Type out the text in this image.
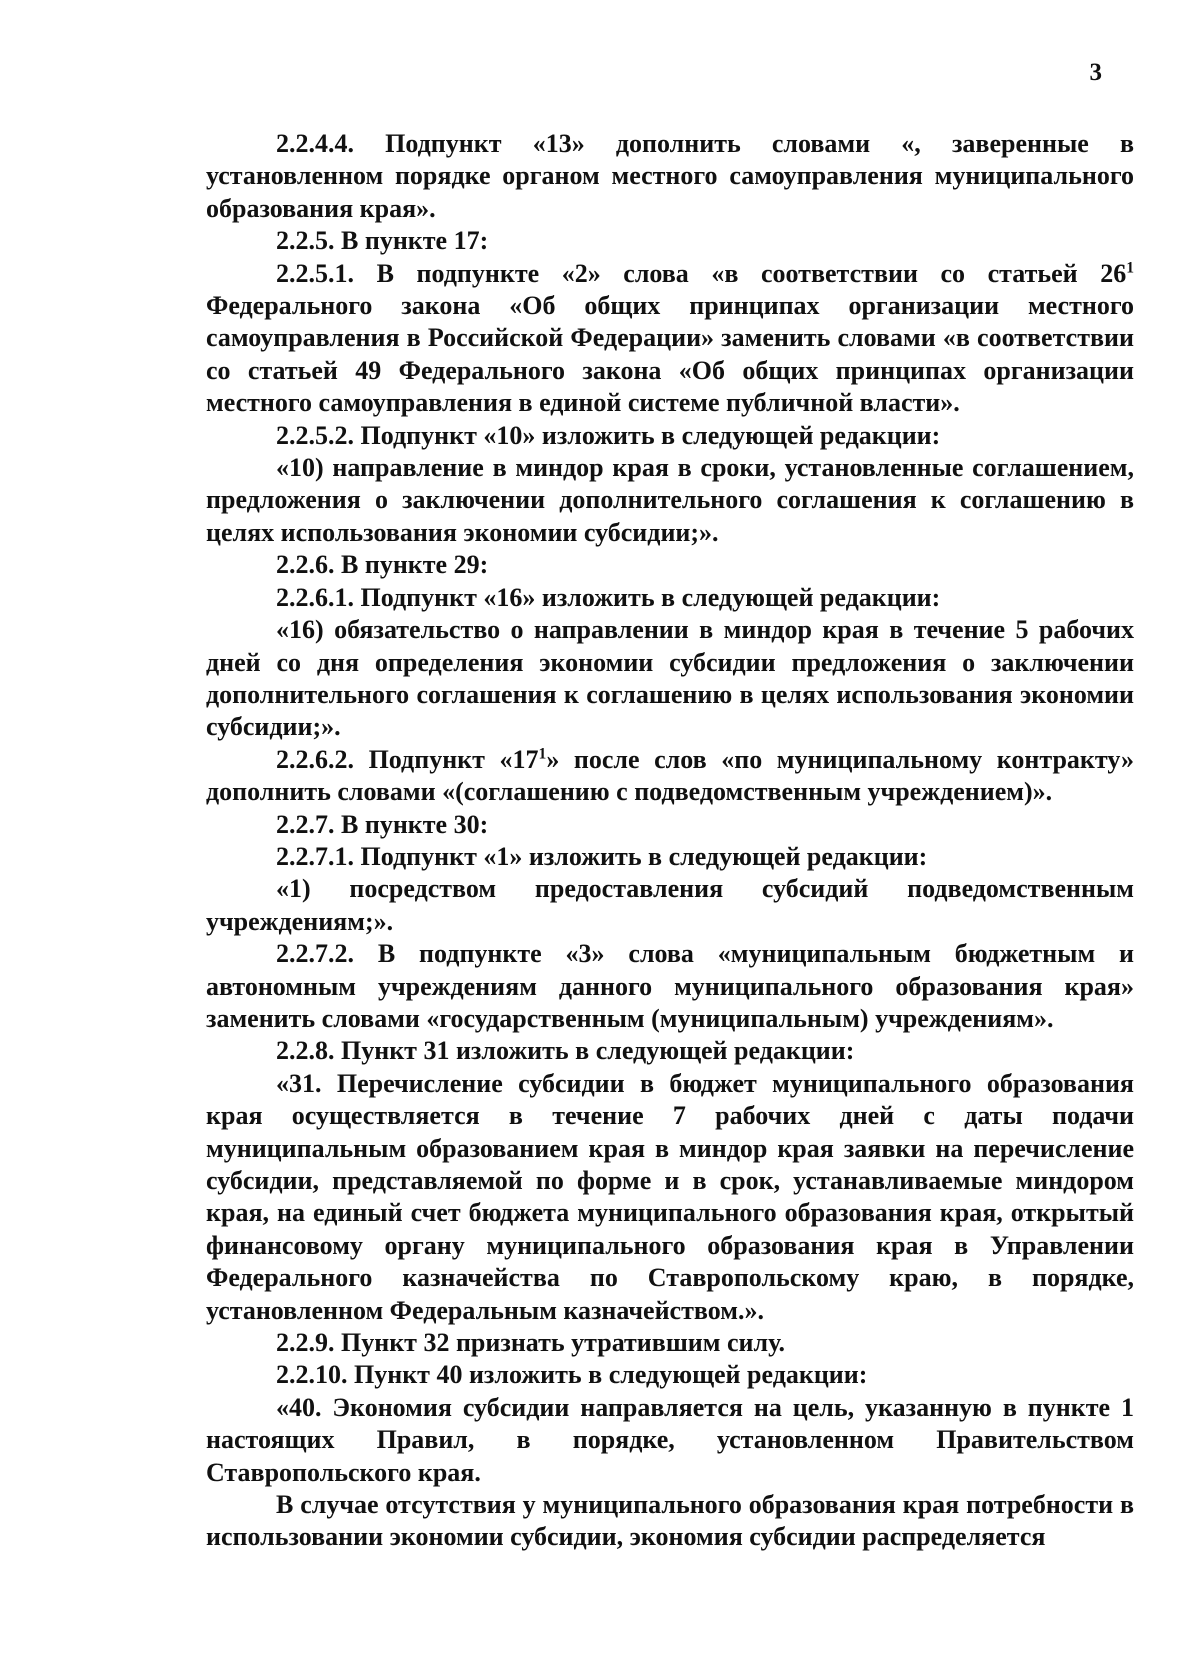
3

2.2.4.4. Подпункт «13» дополнить словами «, заверенные в установленном порядке органом местного самоуправления муниципального образования края».

2.2.5. В пункте 17:

2.2.5.1. В подпункте «2» слова «в соответствии со статьей $26^1$ Федерального закона «Об общих принципах организации местного самоуправления в Российской Федерации» заменить словами «в соответствии со статьей 49 Федерального закона «Об общих принципах организации местного самоуправления в единой системе публичной власти».

2.2.5.2. Подпункт «10» изложить в следующей редакции:

«10) направление в миндор края в сроки, установленные соглашением, предложения о заключении дополнительного соглашения к соглашению в целях использования экономии субсидии;».

2.2.6. В пункте 29:

2.2.6.1. Подпункт «16» изложить в следующей редакции:

«16) обязательство о направлении в миндор края в течение 5 рабочих дней со дня определения экономии субсидии предложения о заключении дополнительного соглашения к соглашению в целях использования экономии субсидии;».

2.2.6.2. Подпункт «$17^1$» после слов «по муниципальному контракту» дополнить словами «(соглашению с подведомственным учреждением)».

2.2.7. В пункте 30:

2.2.7.1. Подпункт «1» изложить в следующей редакции:

«1) посредством предоставления субсидий подведомственным учреждениям;».

2.2.7.2. В подпункте «3» слова «муниципальным бюджетным и автономным учреждениям данного муниципального образования края» заменить словами «государственным (муниципальным) учреждениям».

2.2.8. Пункт 31 изложить в следующей редакции:

«31. Перечисление субсидии в бюджет муниципального образования края осуществляется в течение 7 рабочих дней с даты подачи муниципальным образованием края в миндор края заявки на перечисление субсидии, представляемой по форме и в срок, устанавливаемые миндором края, на единый счет бюджета муниципального образования края, открытый финансовому органу муниципального образования края в Управлении Федерального казначейства по Ставропольскому краю, в порядке, установленном Федеральным казначейством.».

2.2.9. Пункт 32 признать утратившим силу.

2.2.10. Пункт 40 изложить в следующей редакции:

«40. Экономия субсидии направляется на цель, указанную в пункте 1 настоящих Правил, в порядке, установленном Правительством Ставропольского края.

В случае отсутствия у муниципального образования края потребности в использовании экономии субсидии, экономия субсидии распределяется
